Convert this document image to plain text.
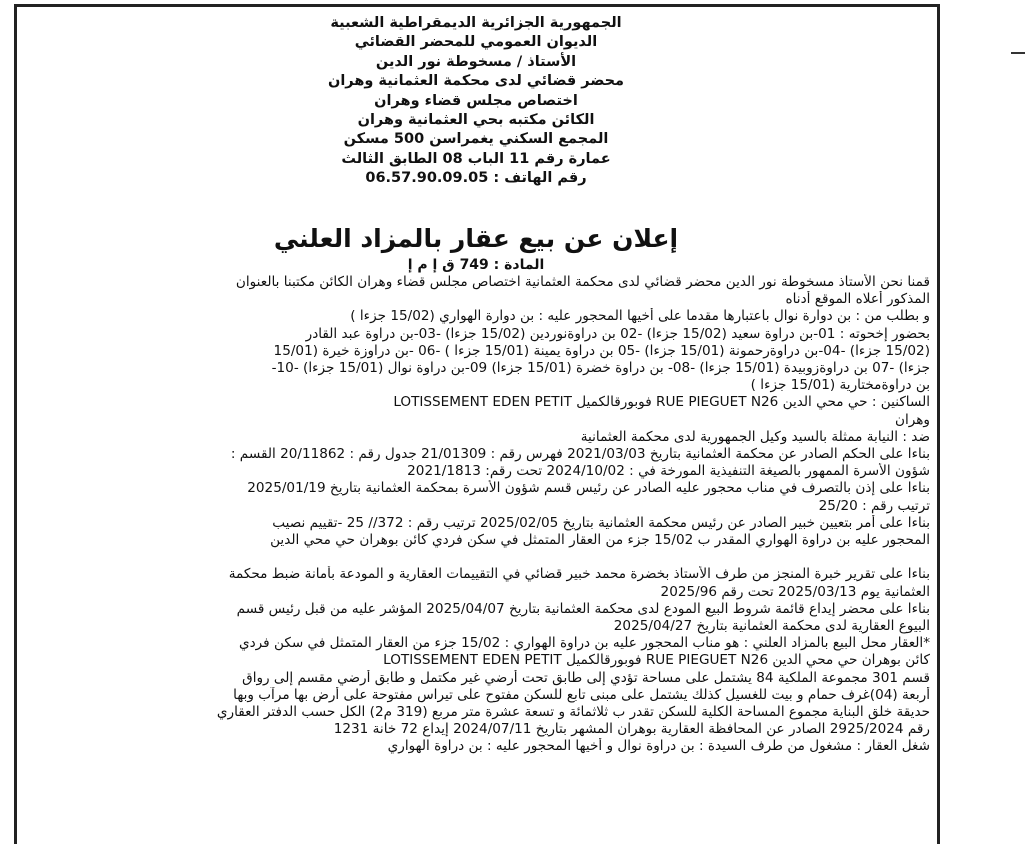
الجمهورية الجزائرية الديمقراطية الشعبية
الديوان العمومي للمحضر القضائي
الأستاذ / مسخوطة نور الدين
محضر قضائي لدى محكمة العثمانية وهران
اختصاص مجلس قضاء وهران
الكائن مكتبه بحي العثمانية وهران
المجمع السكني يغمراسن 500 مسكن
عمارة رقم 11 الباب 08 الطابق الثالث
رقم الهاتف : 06.57.90.09.05
إعلان عن بيع عقار بالمزاد العلني
المادة : 749 ق إ م إ
قمنا نحن الأستاذ مسخوطة نور الدين محضر قضائي لدى محكمة العثمانية اختصاص مجلس قضاء وهران الكائن مكتبنا بالعنوان
المذكور أعلاه الموقع أدناه
و بطلب من : بن دوارة نوال باعتبارها مقدما على أخيها المحجور عليه : بن دوارة الهواري (15/02 جزءا )
بحضور إخحوته : 01-بن دراوة سعيد (15/02 جزءا) -02 بن دراوةنوردين (15/02 جزءا) -03-بن دراوة عبد القادر
(15/02 جزءا) -04-بن دراوةرحمونة (15/01 جزءا) -05 بن دراوة يمينة (15/01 جزءا ) -06 -بن دراوزة خيرة (15/01
جزءا) -07 بن دراوةزوبيدة (15/01 جزءا) -08- بن دراوة خضرة (15/01 جزءا) 09-بن دراوة نوال (15/01 جزءا) -10-
بن دراوةمختارية (15/01 جزءا )
الساكنين : حي محي الدين RUE PIEGUET N26 فوبورقالكميل LOTISSEMENT EDEN PETIT
وهران
ضد : النيابة ممثلة بالسيد وكيل الجمهورية لدى محكمة العثمانية
بناءا على الحكم الصادر عن محكمة العثمانية بتاريخ 2021/03/03 فهرس رقم : 21/01309 جدول رقم : 20/11862 القسم :
شؤون الأسرة الممهور بالصيغة التنفيذية المورخة في : 2024/10/02 تحت رقم: 2021/1813
بناءا على إذن بالتصرف في مناب محجور عليه الصادر عن رئيس قسم شؤون الأسرة بمحكمة العثمانية بتاريخ 2025/01/19
ترتيب رقم : 25/20
بناءا على أمر بتعيين خبير الصادر عن رئيس محكمة العثمانية بتاريخ 2025/02/05 ترتيب رقم : 372// 25 -تقييم نصيب
المحجور عليه بن دراوة الهواري المقدر ب 15/02 جزء من العقار المتمثل في سكن فردي كائن بوهران حي محي الدين
بناءا على تقرير خبرة المنجز من طرف الأستاذ بخضرة محمد خبير قضائي في التقييمات العقارية و المودعة بأمانة ضبط محكمة
العثمانية يوم 2025/03/13 تحت رقم 2025/96
بناءا على محضر إيداع قائمة شروط البيع المودع لدى محكمة العثمانية بتاريخ 2025/04/07 المؤشر عليه من قبل رئيس قسم
البيوع العقارية لدى محكمة العثمانية بتاريخ 2025/04/27
*العقار محل البيع بالمزاد العلني : هو مناب المحجور عليه بن دراوة الهواري : 15/02 جزء من العقار المتمثل في سكن فردي
كائن بوهران حي محي الدين RUE PIEGUET N26 فوبورقالكميل LOTISSEMENT EDEN PETIT
قسم 301 مجموعة الملكية 84 يشتمل على مساحة تؤدي إلى طابق تحت أرضي غير مكتمل و طابق أرضي مقسم إلى رواق
أربعة (04)غرف حمام و بيت للغسيل كذلك يشتمل على مبنى تابع للسكن مفتوح على تيراس مفتوحة على أرض بها مرآب وبها
حديقة خلق البناية مجموع المساحة الكلية للسكن تقدر ب ثلاثمائة و تسعة عشرة متر مربع (319 م2) الكل حسب الدفتر العقاري
رقم 2925/2024 الصادر عن المحافظة العقارية بوهران المشهر بتاريخ 2024/07/11 إيداع 72 خانة 1231
شغل العقار : مشغول من طرف السيدة : بن دراوة نوال و أخيها المحجور عليه : بن دراوة الهواري
